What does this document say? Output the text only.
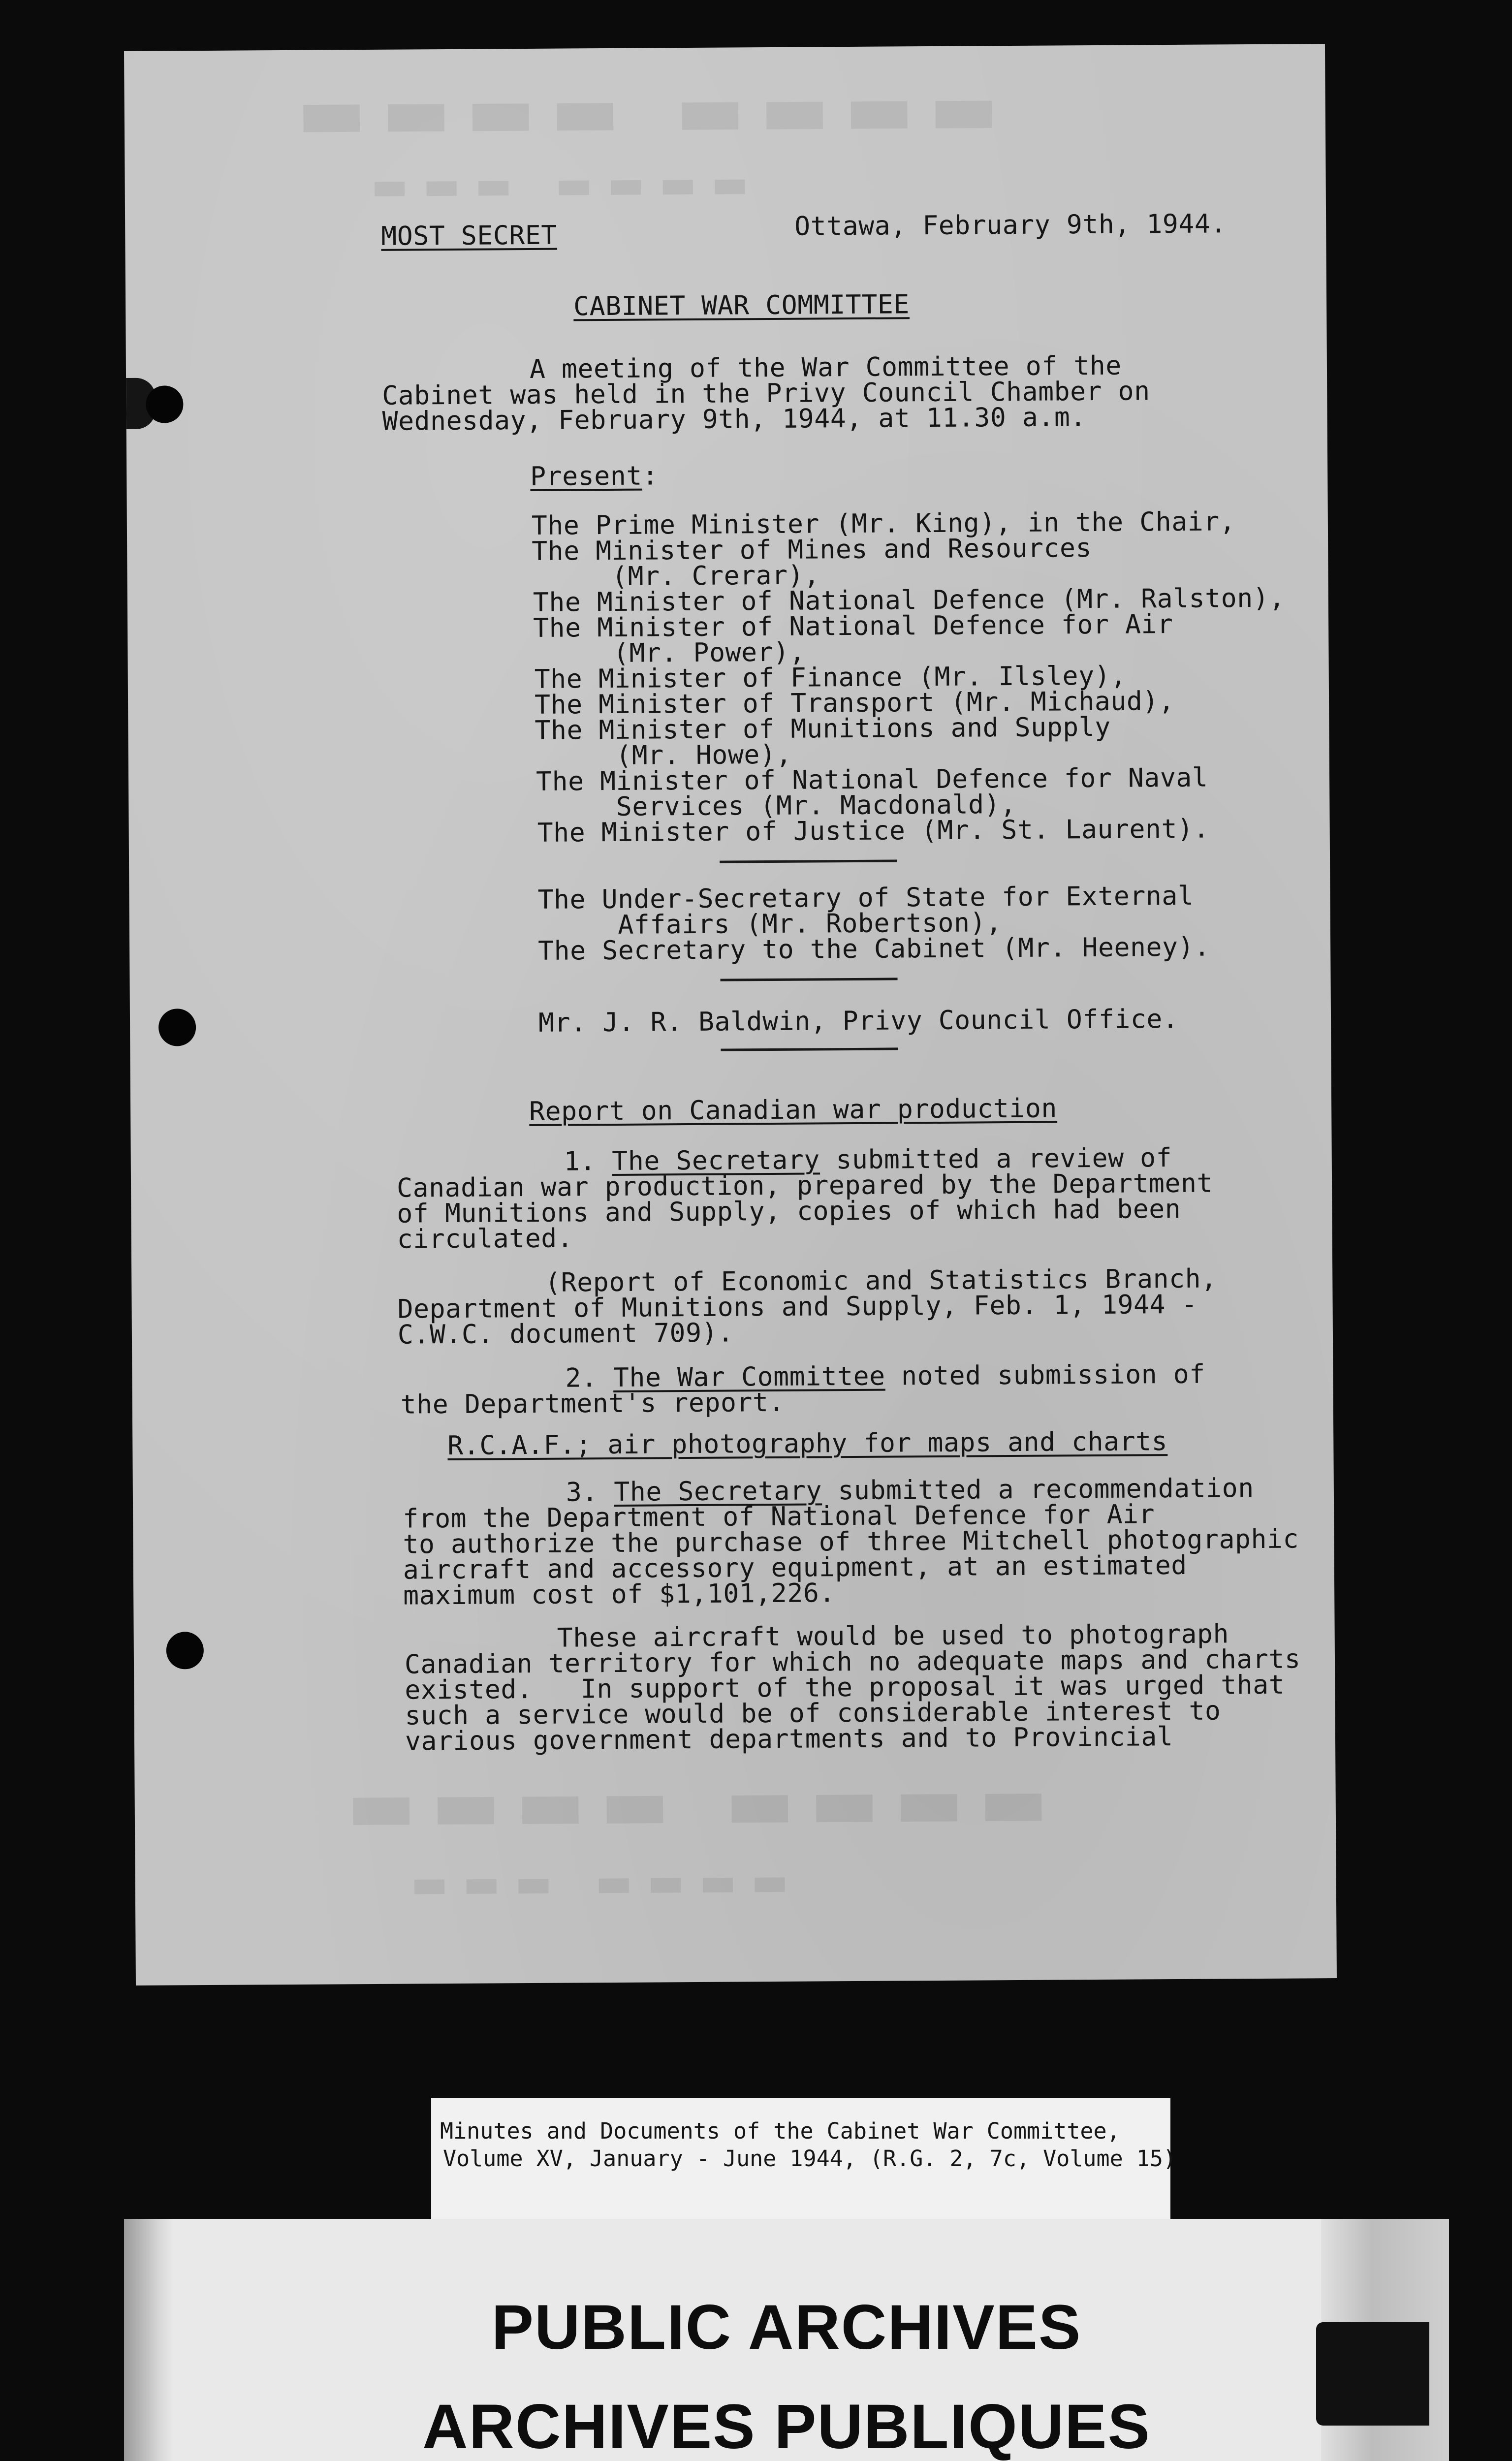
▬▬▬▬ ▬▬▬▬
▬▬▬ ▬▬▬▬
▬▬▬▬ ▬▬▬▬
▬▬▬ ▬▬▬▬
MOST SECRET	Ottawa, February 9th, 1944.
CABINET WAR COMMITTEE
A meeting of the War Committee of the
Cabinet was held in the Privy Council Chamber on
Wednesday, February 9th, 1944, at 11.30 a.m.
Present:
The Prime Minister (Mr. King), in the Chair,
The Minister of Mines and Resources
(Mr. Crerar),
The Minister of National Defence (Mr. Ralston),
The Minister of National Defence for Air
(Mr. Power),
The Minister of Finance (Mr. Ilsley),
The Minister of Transport (Mr. Michaud),
The Minister of Munitions and Supply
(Mr. Howe),
The Minister of National Defence for Naval
Services (Mr. Macdonald),
The Minister of Justice (Mr. St. Laurent).
The Under-Secretary of State for External
Affairs (Mr. Robertson),
The Secretary to the Cabinet (Mr. Heeney).
Mr. J. R. Baldwin, Privy Council Office.
Report on Canadian war production
1. The Secretary submitted a review of
Canadian war production, prepared by the Department
of Munitions and Supply, copies of which had been
circulated.
(Report of Economic and Statistics Branch,
Department of Munitions and Supply, Feb. 1, 1944 -
C.W.C. document 709).
2. The War Committee noted submission of
the Department's report.
R.C.A.F.; air photography for maps and charts
3. The Secretary submitted a recommendation
from the Department of National Defence for Air
to authorize the purchase of three Mitchell photographic
aircraft and accessory equipment, at an estimated
maximum cost of $1,101,226.
These aircraft would be used to photograph
Canadian territory for which no adequate maps and charts
existed.   In support of the proposal it was urged that
such a service would be of considerable interest to
various government departments and to Provincial
Minutes and Documents of the Cabinet War Committee,
Volume XV, January - June 1944, (R.G. 2, 7c, Volume 15)
PUBLIC ARCHIVES
ARCHIVES PUBLIQUES
